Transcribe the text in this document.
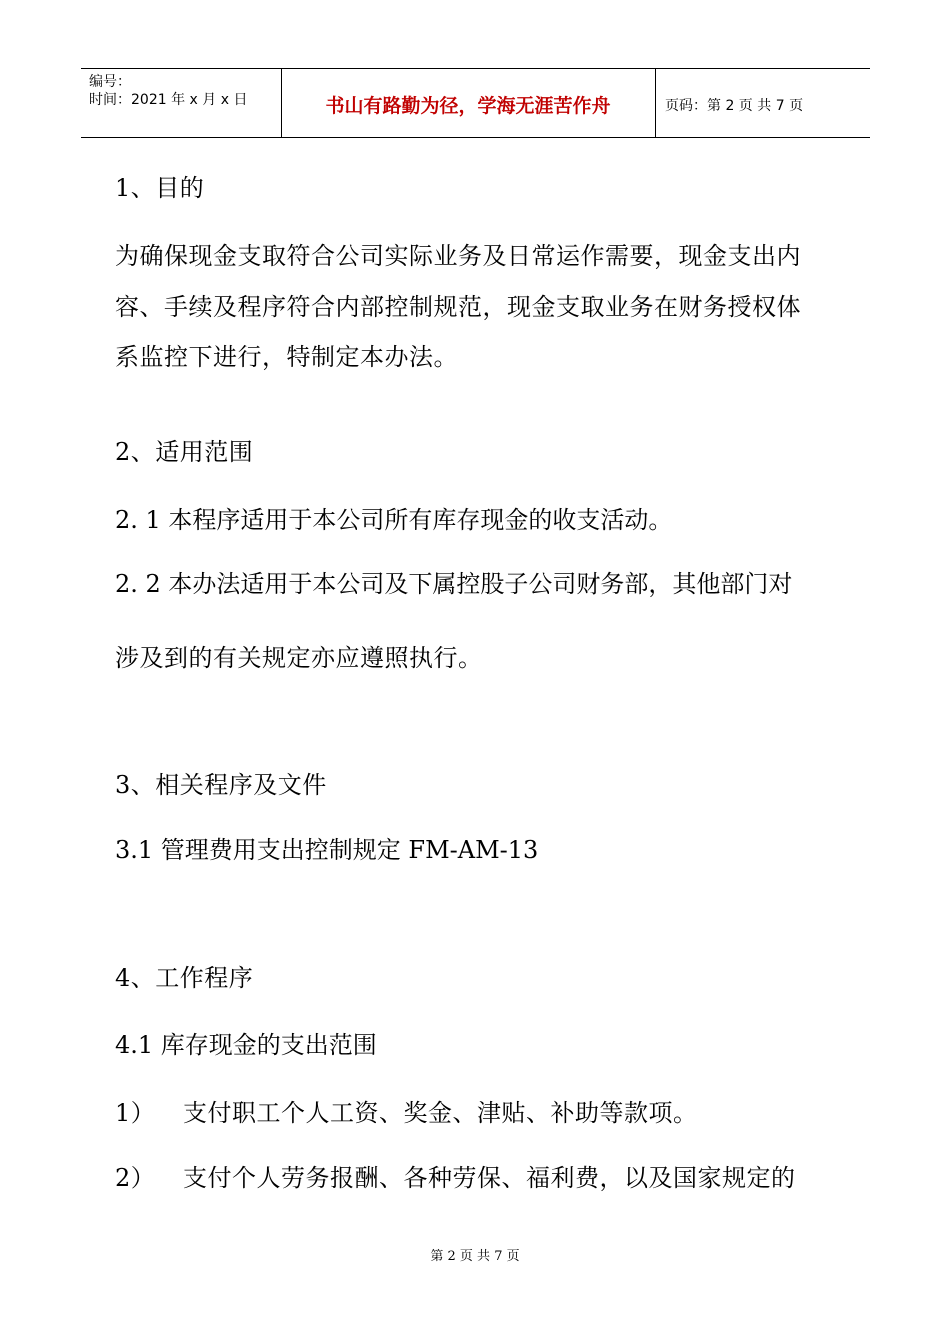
编号：
时间：2021 年 x 月 x 日	书山有路勤为径，学海无涯苦作舟	页码：第 2 页 共 7 页
1、目的
为确保现金支取符合公司实际业务及日常运作需要，现金支出内
容、手续及程序符合内部控制规范，现金支取业务在财务授权体
系监控下进行，特制定本办法。
2、适用范围
2. 1 本程序适用于本公司所有库存现金的收支活动。
2. 2 本办法适用于本公司及下属控股子公司财务部，其他部门对
涉及到的有关规定亦应遵照执行。
3、相关程序及文件
3.1 管理费用支出控制规定 FM-AM-13
4、工作程序
4.1 库存现金的支出范围
1） 支付职工个人工资、奖金、津贴、补助等款项。
2） 支付个人劳务报酬、各种劳保、福利费，以及国家规定的
第 2 页 共 7 页
